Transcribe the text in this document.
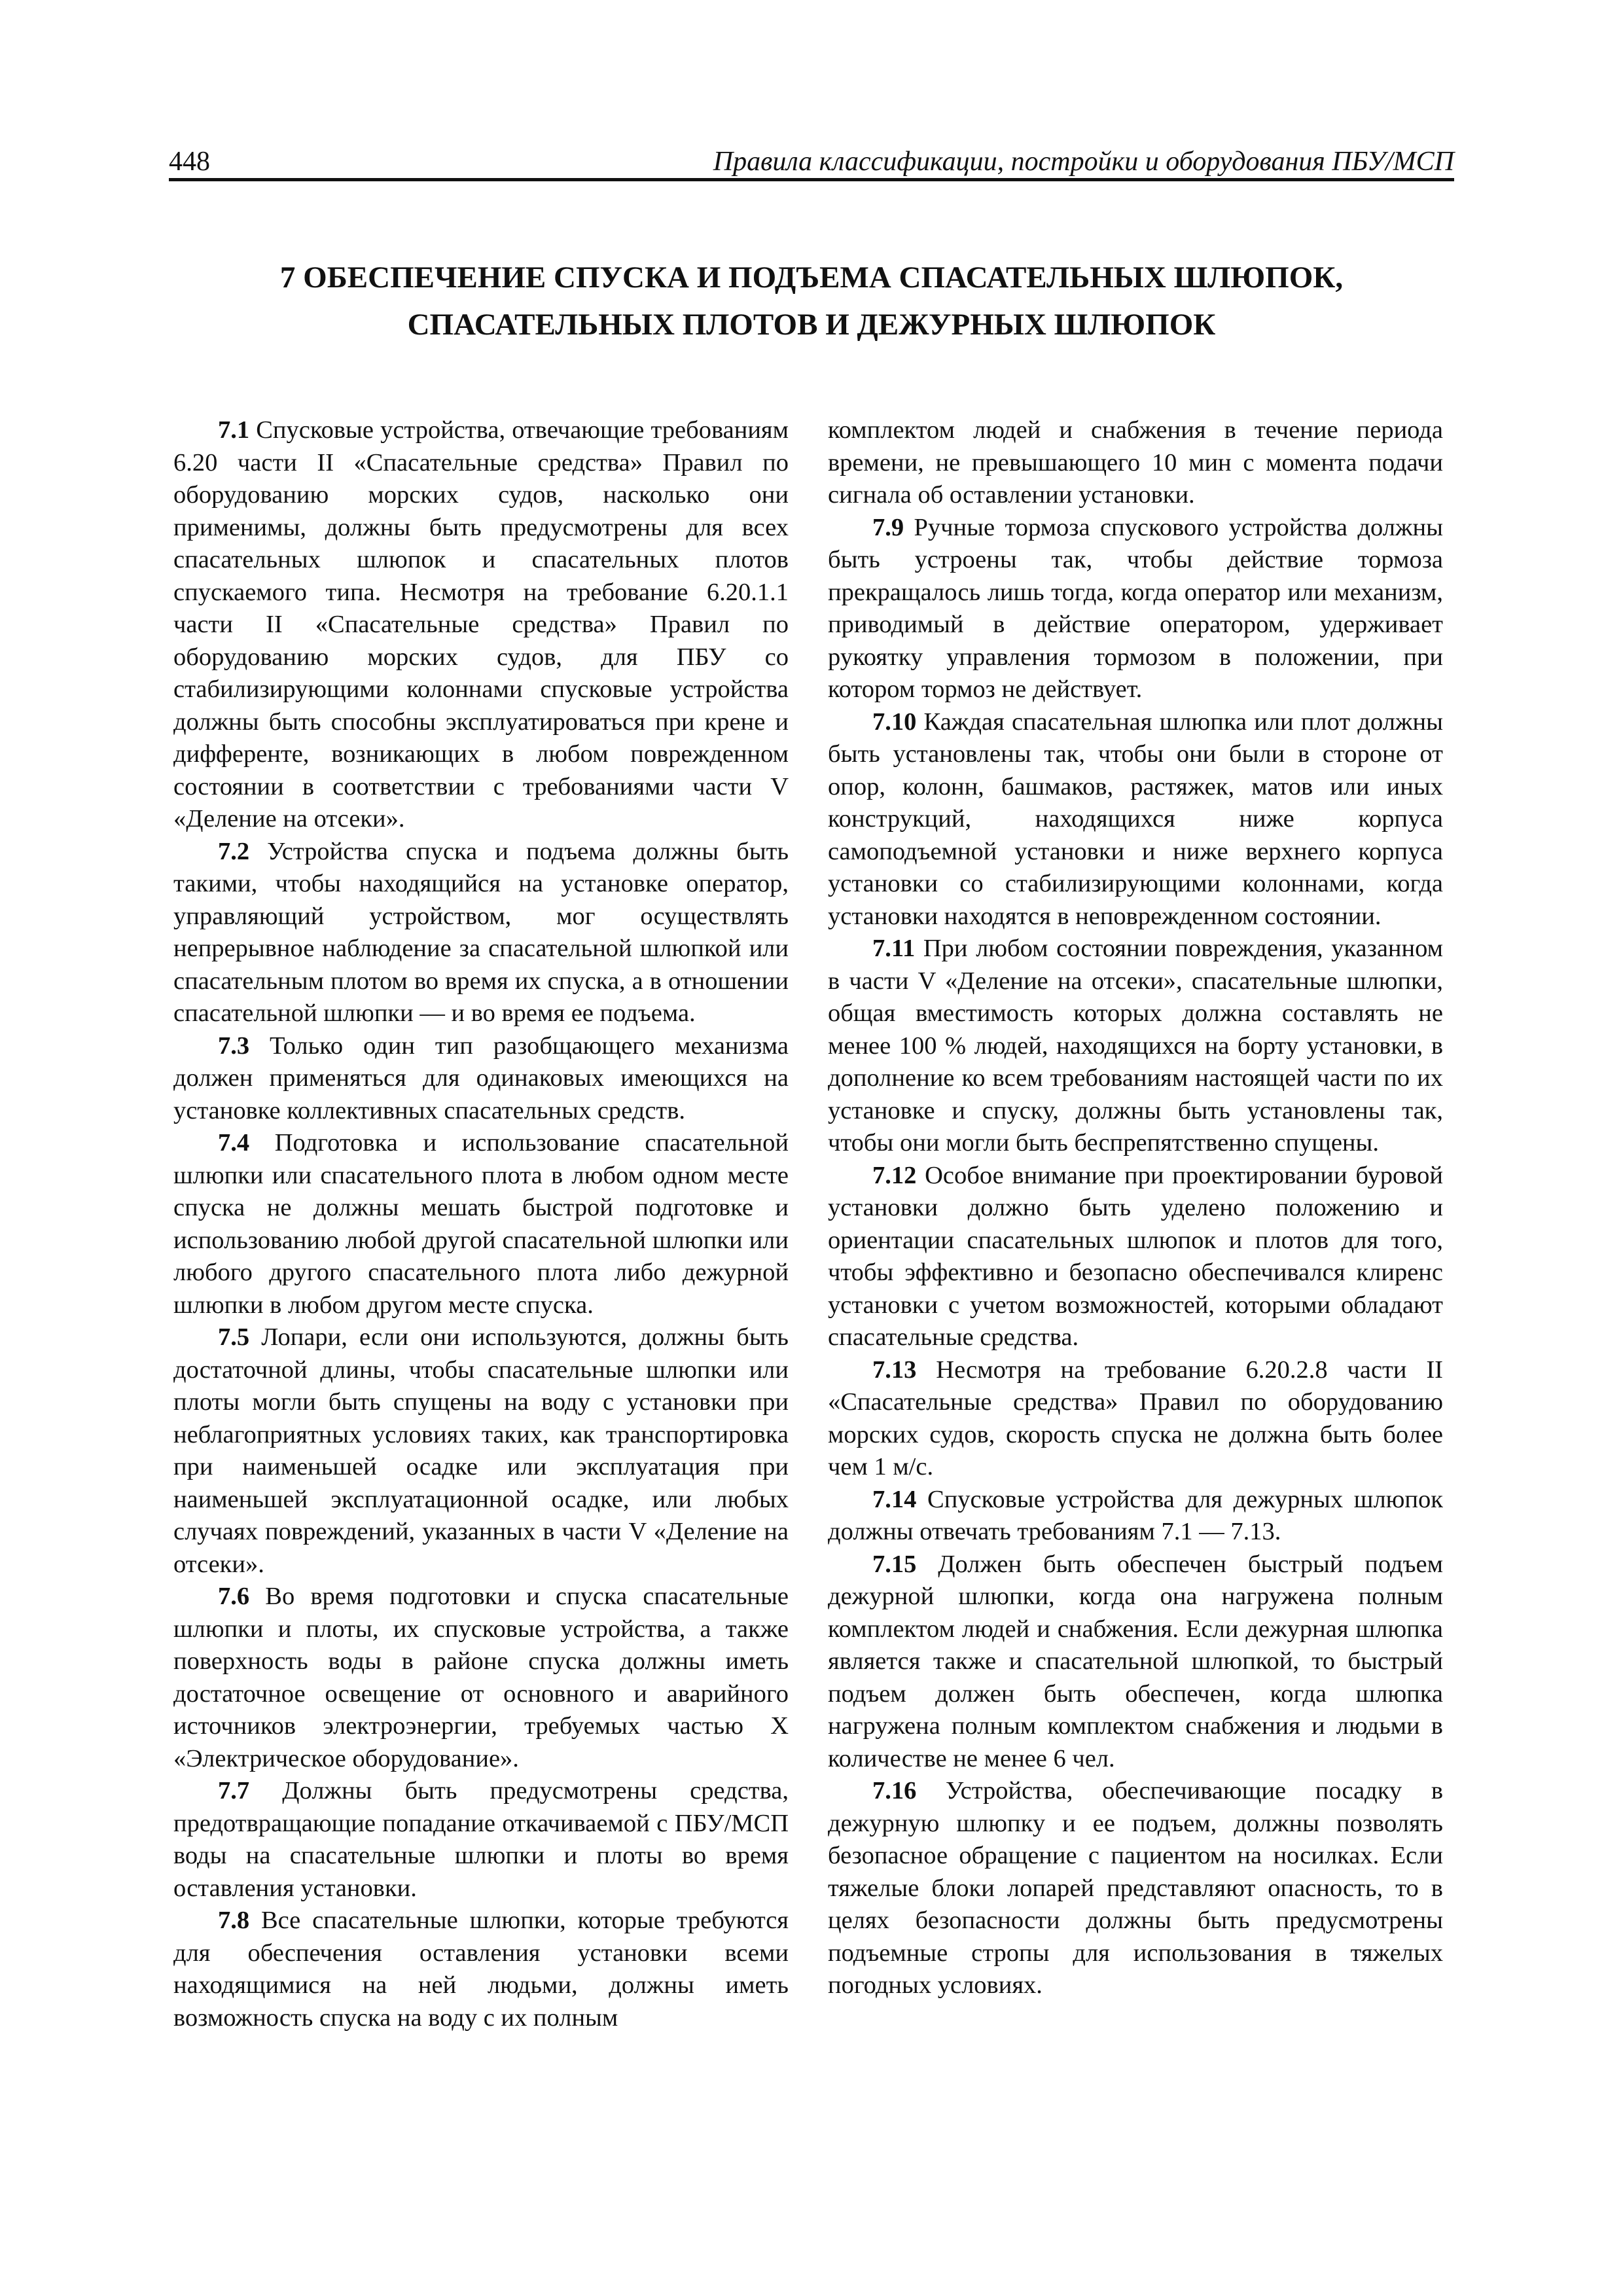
448	Правила классификации, постройки и оборудования ПБУ/МСП
7 ОБЕСПЕЧЕНИЕ СПУСКА И ПОДЪЕМА СПАСАТЕЛЬНЫХ ШЛЮПОК,
СПАСАТЕЛЬНЫХ ПЛОТОВ И ДЕЖУРНЫХ ШЛЮПОК

7.1 Спусковые устройства, отвечающие требованиям 6.20 части II «Спасательные средства» Правил по оборудованию морских судов, насколько они применимы, должны быть предусмотрены для всех спасательных шлюпок и спасательных плотов спускаемого типа. Несмотря на требование 6.20.1.1 части II «Спасательные средства» Правил по оборудованию морских судов, для ПБУ со стабилизирующими колоннами спусковые устройства должны быть способны эксплуатироваться при крене и дифференте, возникающих в любом поврежденном состоянии в соответствии с требованиями части V «Деление на отсеки».

7.2 Устройства спуска и подъема должны быть такими, чтобы находящийся на установке оператор, управляющий устройством, мог осуществлять непрерывное наблюдение за спасательной шлюпкой или спасательным плотом во время их спуска, а в отношении спасательной шлюпки — и во время ее подъема.

7.3 Только один тип разобщающего механизма должен применяться для одинаковых имеющихся на установке коллективных спасательных средств.

7.4 Подготовка и использование спасательной шлюпки или спасательного плота в любом одном месте спуска не должны мешать быстрой подготовке и использованию любой другой спасательной шлюпки или любого другого спасательного плота либо дежурной шлюпки в любом другом месте спуска.

7.5 Лопари, если они используются, должны быть достаточной длины, чтобы спасательные шлюпки или плоты могли быть спущены на воду с установки при неблагоприятных условиях таких, как транспортировка при наименьшей осадке или эксплуатация при наименьшей эксплуатационной осадке, или любых случаях повреждений, указанных в части V «Деление на отсеки».

7.6 Во время подготовки и спуска спасательные шлюпки и плоты, их спусковые устройства, а также поверхность воды в районе спуска должны иметь достаточное освещение от основного и аварийного источников электроэнергии, требуемых частью X «Электрическое оборудование».

7.7 Должны быть предусмотрены средства, предотвращающие попадание откачиваемой с ПБУ/МСП воды на спасательные шлюпки и плоты во время оставления установки.

7.8 Все спасательные шлюпки, которые требуются для обеспечения оставления установки всеми находящимися на ней людьми, должны иметь возможность спуска на воду с их полным

комплектом людей и снабжения в течение периода времени, не превышающего 10 мин с момента подачи сигнала об оставлении установки.

7.9 Ручные тормоза спускового устройства должны быть устроены так, чтобы действие тормоза прекращалось лишь тогда, когда оператор или механизм, приводимый в действие оператором, удерживает рукоятку управления тормозом в положении, при котором тормоз не действует.

7.10 Каждая спасательная шлюпка или плот должны быть установлены так, чтобы они были в стороне от опор, колонн, башмаков, растяжек, матов или иных конструкций, находящихся ниже корпуса самоподъемной установки и ниже верхнего корпуса установки со стабилизирующими колоннами, когда установки находятся в неповрежденном состоянии.

7.11 При любом состоянии повреждения, указанном в части V «Деление на отсеки», спасательные шлюпки, общая вместимость которых должна составлять не менее 100 % людей, находящихся на борту установки, в дополнение ко всем требованиям настоящей части по их установке и спуску, должны быть установлены так, чтобы они могли быть беспрепятственно спущены.

7.12 Особое внимание при проектировании буровой установки должно быть уделено положению и ориентации спасательных шлюпок и плотов для того, чтобы эффективно и безопасно обеспечивался клиренс установки с учетом возможностей, которыми обладают спасательные средства.

7.13 Несмотря на требование 6.20.2.8 части II «Спасательные средства» Правил по оборудованию морских судов, скорость спуска не должна быть более чем 1 м/с.

7.14 Спусковые устройства для дежурных шлюпок должны отвечать требованиям 7.1 — 7.13.

7.15 Должен быть обеспечен быстрый подъем дежурной шлюпки, когда она нагружена полным комплектом людей и снабжения. Если дежурная шлюпка является также и спасательной шлюпкой, то быстрый подъем должен быть обеспечен, когда шлюпка нагружена полным комплектом снабжения и людьми в количестве не менее 6 чел.

7.16 Устройства, обеспечивающие посадку в дежурную шлюпку и ее подъем, должны позволять безопасное обращение с пациентом на носилках. Если тяжелые блоки лопарей представляют опасность, то в целях безопасности должны быть предусмотрены подъемные стропы для использования в тяжелых погодных условиях.
